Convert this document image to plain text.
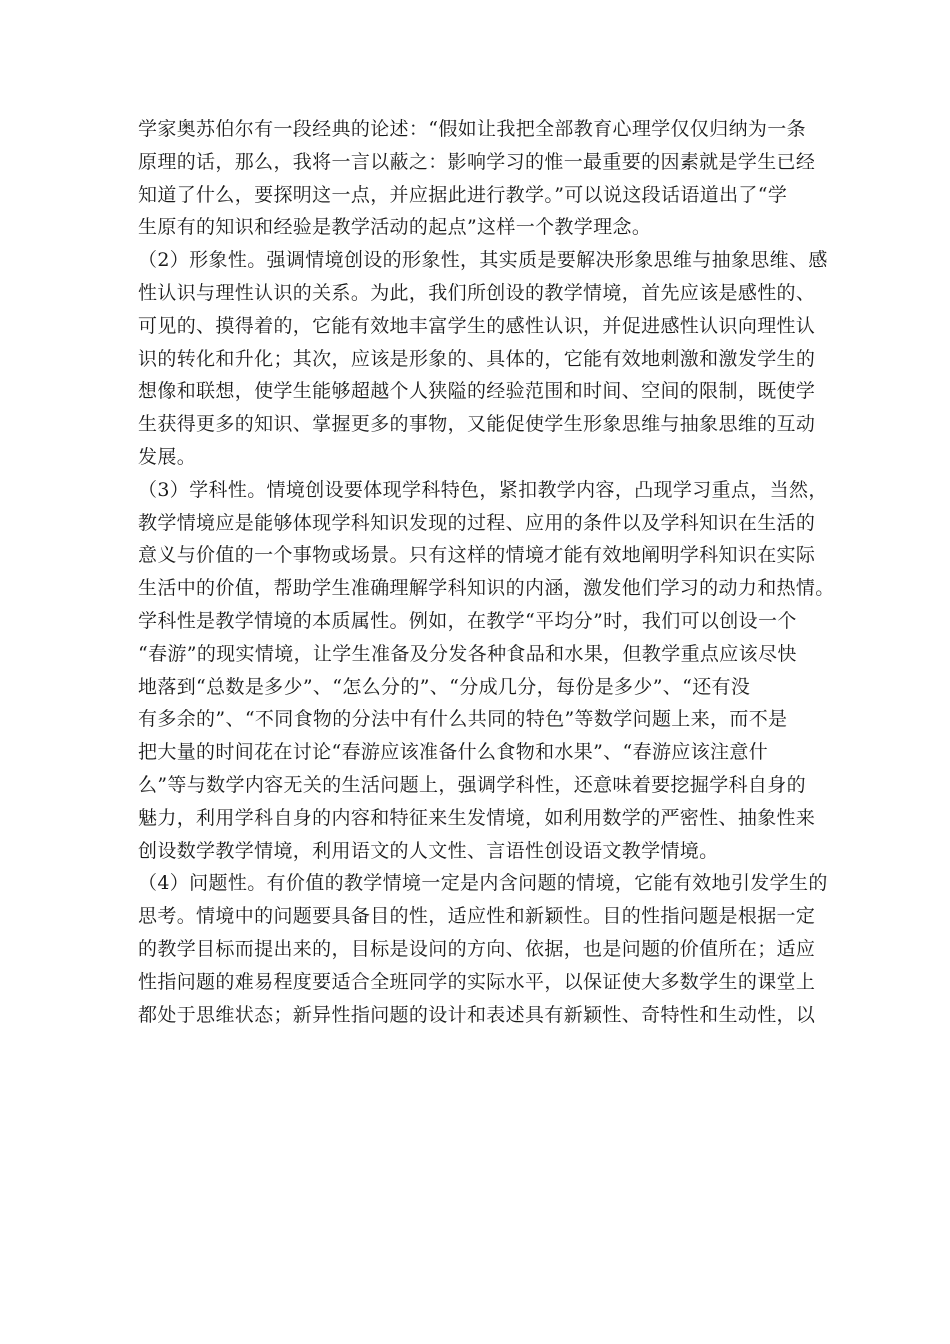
学家奥苏伯尔有一段经典的论述：“假如让我把全部教育心理学仅仅归纳为一条
原理的话，那么，我将一言以蔽之：影响学习的惟一最重要的因素就是学生已经
知道了什么，要探明这一点，并应据此进行教学。”可以说这段话语道出了“学
生原有的知识和经验是教学活动的起点”这样一个教学理念。
（2）形象性。强调情境创设的形象性，其实质是要解决形象思维与抽象思维、感
性认识与理性认识的关系。为此，我们所创设的教学情境，首先应该是感性的、
可见的、摸得着的，它能有效地丰富学生的感性认识，并促进感性认识向理性认
识的转化和升化；其次，应该是形象的、具体的，它能有效地刺激和激发学生的
想像和联想，使学生能够超越个人狭隘的经验范围和时间、空间的限制，既使学
生获得更多的知识、掌握更多的事物，又能促使学生形象思维与抽象思维的互动
发展。
（3）学科性。情境创设要体现学科特色，紧扣教学内容，凸现学习重点，当然，
教学情境应是能够体现学科知识发现的过程、应用的条件以及学科知识在生活的
意义与价值的一个事物或场景。只有这样的情境才能有效地阐明学科知识在实际
生活中的价值，帮助学生准确理解学科知识的内涵，激发他们学习的动力和热情。
学科性是教学情境的本质属性。例如，在教学“平均分”时，我们可以创设一个
“春游”的现实情境，让学生准备及分发各种食品和水果，但教学重点应该尽快
地落到“总数是多少”、“怎么分的”、“分成几分，每份是多少”、“还有没
有多余的”、“不同食物的分法中有什么共同的特色”等数学问题上来，而不是
把大量的时间花在讨论“春游应该准备什么食物和水果”、“春游应该注意什
么”等与数学内容无关的生活问题上，强调学科性，还意味着要挖掘学科自身的
魅力，利用学科自身的内容和特征来生发情境，如利用数学的严密性、抽象性来
创设数学教学情境，利用语文的人文性、言语性创设语文教学情境。
（4）问题性。有价值的教学情境一定是内含问题的情境，它能有效地引发学生的
思考。情境中的问题要具备目的性，适应性和新颖性。目的性指问题是根据一定
的教学目标而提出来的，目标是设问的方向、依据，也是问题的价值所在；适应
性指问题的难易程度要适合全班同学的实际水平，以保证使大多数学生的课堂上
都处于思维状态；新异性指问题的设计和表述具有新颖性、奇特性和生动性，以
